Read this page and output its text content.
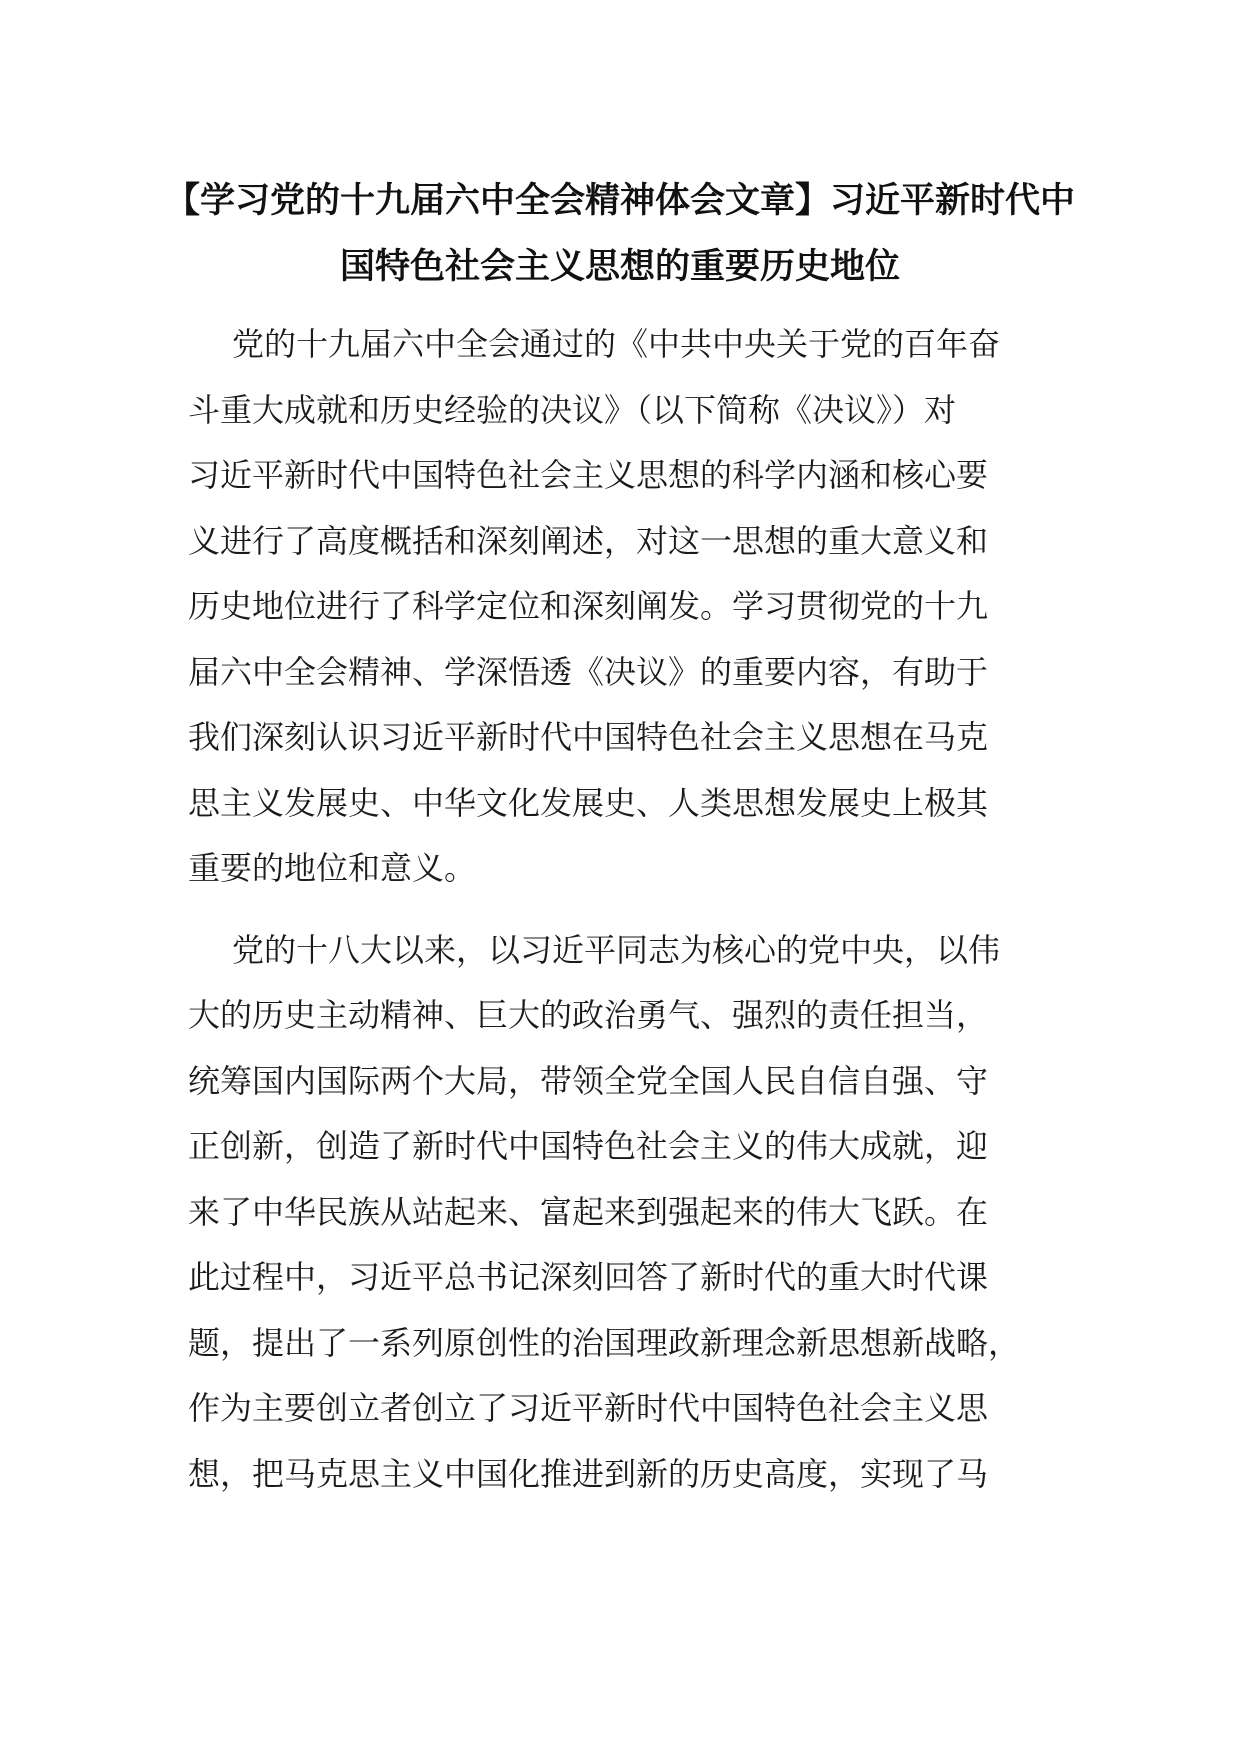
【学习党的十九届六中全会精神体会文章】习近平新时代中
国特色社会主义思想的重要历史地位

党的十九届六中全会通过的《中共中央关于党的百年奋
斗重大成就和历史经验的决议》（以下简称《决议》）对
习近平新时代中国特色社会主义思想的科学内涵和核心要
义进行了高度概括和深刻阐述，对这一思想的重大意义和
历史地位进行了科学定位和深刻阐发。学习贯彻党的十九
届六中全会精神、学深悟透《决议》的重要内容，有助于
我们深刻认识习近平新时代中国特色社会主义思想在马克
思主义发展史、中华文化发展史、人类思想发展史上极其
重要的地位和意义。

党的十八大以来，以习近平同志为核心的党中央，以伟
大的历史主动精神、巨大的政治勇气、强烈的责任担当，
统筹国内国际两个大局，带领全党全国人民自信自强、守
正创新，创造了新时代中国特色社会主义的伟大成就，迎
来了中华民族从站起来、富起来到强起来的伟大飞跃。在
此过程中，习近平总书记深刻回答了新时代的重大时代课
题，提出了一系列原创性的治国理政新理念新思想新战略，
作为主要创立者创立了习近平新时代中国特色社会主义思
想，把马克思主义中国化推进到新的历史高度，实现了马
